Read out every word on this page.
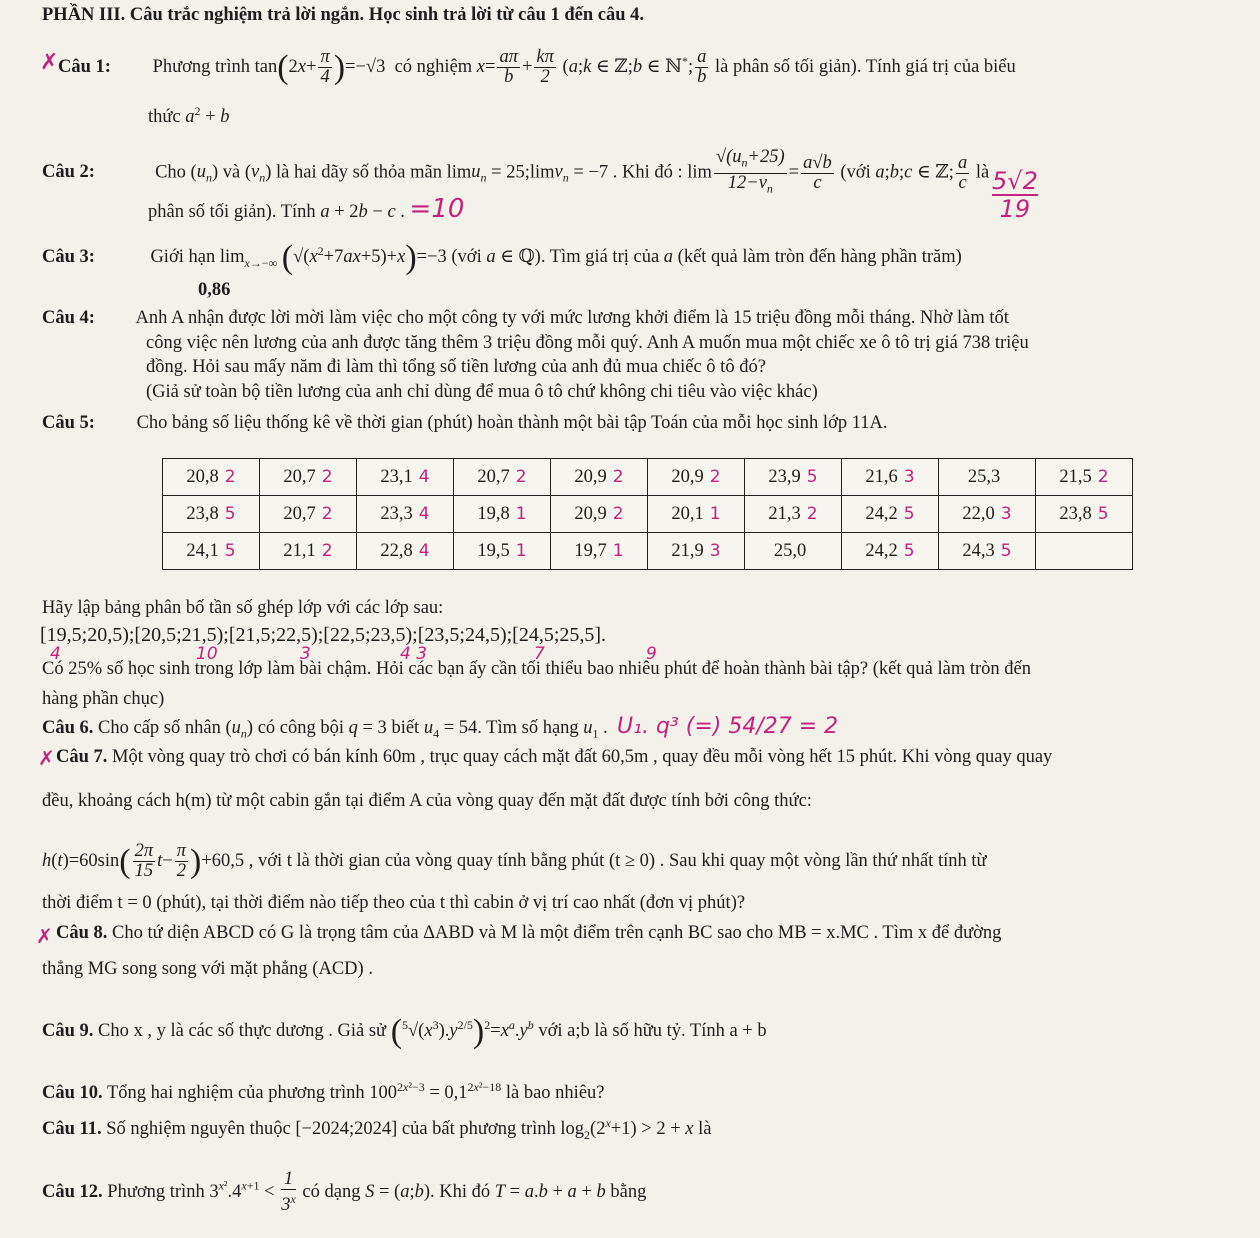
PHẦN III. Câu trắc nghiệm trả lời ngắn. Học sinh trả lời từ câu 1 đến câu 4.
✗ Câu 1: Phương trình $\tan(2x+ \frac{\pi}{4} )=-√3$ có nghiệm $x= \frac{a\pi}{b} + \frac{k\pi}{2}$ (a;k ∈ ℤ;b ∈ ℕ*; $\frac{a}{b}$ là phân số tối giản). Tính giá trị của biểu
thức $a^2 + b$
Câu 2:	Cho $(u_n)$ và $(v_n)$ là hai dãy số thỏa mãn limu$_n$ = 25;limv$_n$ = −7 . Khi đó : $\lim \frac{√(u_n+25)}{12-v_n} = \frac{a√b}{c}$ (với a;b;c ∈ ℤ; $\frac{a}{c}$ là
phân số tối giản). Tính a + 2b − c . =10	$\frac{5√2}{19}$
Câu 3:	Giới hạn $\lim_{x\to-\infty} (√(x^2+7ax+5)+x)=-3$ (với a ∈ ℚ). Tìm giá trị của a (kết quả làm tròn đến hàng phần trăm)
0,86
Câu 4: Anh A nhận được lời mời làm việc cho một công ty với mức lương khởi điểm là 15 triệu đồng mỗi tháng. Nhờ làm tốt
công việc nên lương của anh được tăng thêm 3 triệu đồng mỗi quý. Anh A muốn mua một chiếc xe ô tô trị giá 738 triệu
đồng. Hỏi sau mấy năm đi làm thì tổng số tiền lương của anh đủ mua chiếc ô tô đó?
(Giả sử toàn bộ tiền lương của anh chỉ dùng để mua ô tô chứ không chi tiêu vào việc khác)
Câu 5: Cho bảng số liệu thống kê về thời gian (phút) hoàn thành một bài tập Toán của mỗi học sinh lớp 11A.
20,8 2	20,7 2	23,1 4	20,7 2	20,9 2	20,9 2	23,9 5	21,6 3	25,3	21,5 2
23,8 5	20,7 2	23,3 4	19,8 1	20,9 2	20,1 1	21,3 2	24,2 5	22,0 3	23,8 5
24,1 5	21,1 2	22,8 4	19,5 1	19,7 1	21,9 3	25,0	24,2 5	24,3 5	
Hãy lập bảng phân bố tần số ghép lớp với các lớp sau:
[19,5;20,5);[20,5;21,5);[21,5;22,5);[22,5;23,5);[23,5;24,5);[24,5;25,5].
4	10	3	4 3	7	9
Có 25% số học sinh trong lớp làm bài chậm. Hỏi các bạn ấy cần tối thiểu bao nhiêu phút để hoàn thành bài tập? (kết quả làm tròn đến
hàng phần chục)
Câu 6. Cho cấp số nhân $(u_n)$ có công bội q = 3 biết $u_4 = 54$. Tìm số hạng $u_1$ .  U₁. q³ (=) 54/27 = 2
✗ Câu 7. Một vòng quay trò chơi có bán kính 60m , trục quay cách mặt đất 60,5m , quay đều mỗi vòng hết 15 phút. Khi vòng quay quay
đều, khoảng cách h(m) từ một cabin gắn tại điểm A của vòng quay đến mặt đất được tính bởi công thức:
$h(t)=60\sin( \frac{2\pi}{15} t- \frac{\pi}{2} )+60,5$ , với t là thời gian của vòng quay tính bằng phút (t ≥ 0) . Sau khi quay một vòng lần thứ nhất tính từ
thời điểm t = 0 (phút), tại thời điểm nào tiếp theo của t thì cabin ở vị trí cao nhất (đơn vị phút)?
✗ Câu 8. Cho tứ diện ABCD có G là trọng tâm của ΔABD và M là một điểm trên cạnh BC sao cho MB = x.MC . Tìm x để đường
thẳng MG song song với mặt phẳng (ACD) .
Câu 9. Cho x , y là các số thực dương . Giả sử $(^5√(x^3).y^{2/5})^2=x^a.y^b$ với a;b là số hữu tỷ. Tính a + b
Câu 10. Tổng hai nghiệm của phương trình $100^{2x^2-3} = 0,1^{2x^2-18}$ là bao nhiêu?
Câu 11. Số nghiệm nguyên thuộc [−2024;2024] của bất phương trình $\log_2(2^x+1) > 2 + x$ là
Câu 12. Phương trình $3^{x^2}.4^{x+1} < \frac{1}{3^x}$ có dạng S = (a;b). Khi đó T = a.b + a + b bằng
